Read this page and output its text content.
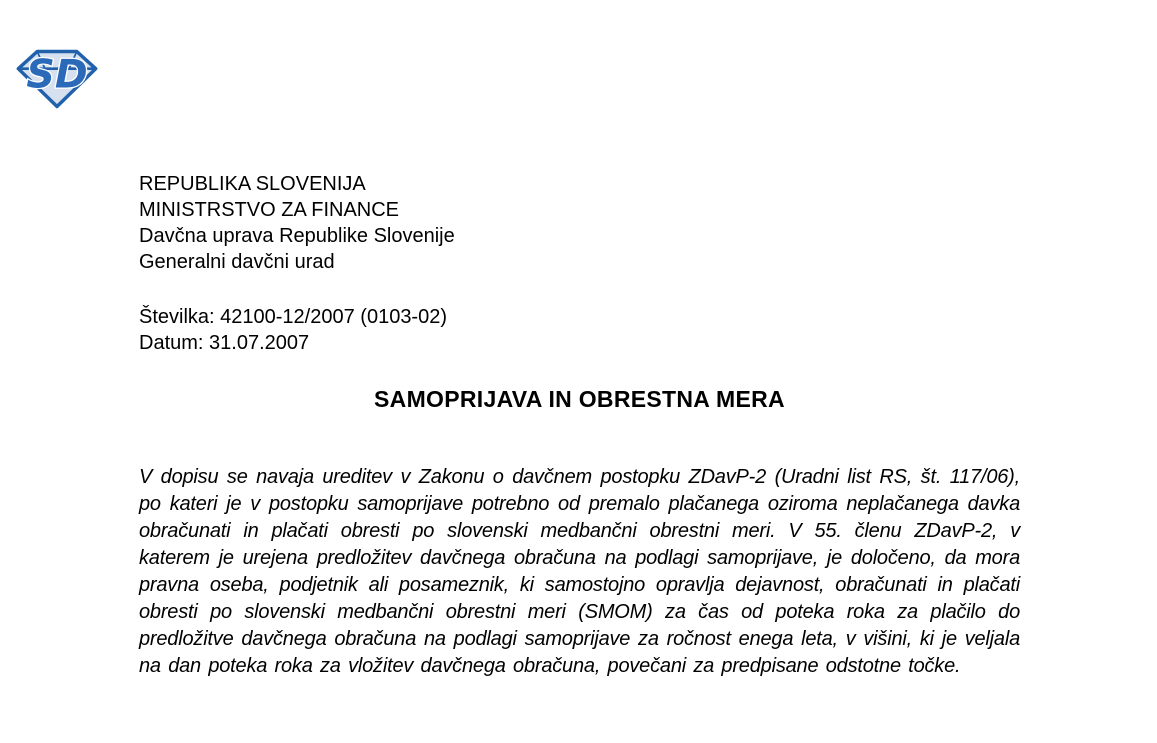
SD
REPUBLIKA SLOVENIJA
MINISTRSTVO ZA FINANCE
Davčna uprava Republike Slovenije
Generalni davčni urad
Številka: 42100-12/2007 (0103-02)
Datum: 31.07.2007
SAMOPRIJAVA IN OBRESTNA MERA

V dopisu se navaja ureditev v Zakonu o davčnem postopku ZDavP-2 (Uradni list RS, št. 117/06), po kateri je v postopku samoprijave potrebno od premalo plačanega oziroma neplačanega davka obračunati in plačati obresti po slovenski medbančni obrestni meri. V 55. členu ZDavP-2, v katerem je urejena predložitev davčnega obračuna na podlagi samoprijave, je določeno, da mora pravna oseba, podjetnik ali posameznik, ki samostojno opravlja dejavnost, obračunati in plačati obresti po slovenski medbančni obrestni meri (SMOM) za čas od poteka roka za plačilo do predložitve davčnega obračuna na podlagi samoprijave za ročnost enega leta, v višini, ki je veljala na dan poteka roka za vložitev davčnega obračuna, povečani za predpisane odstotne točke.
